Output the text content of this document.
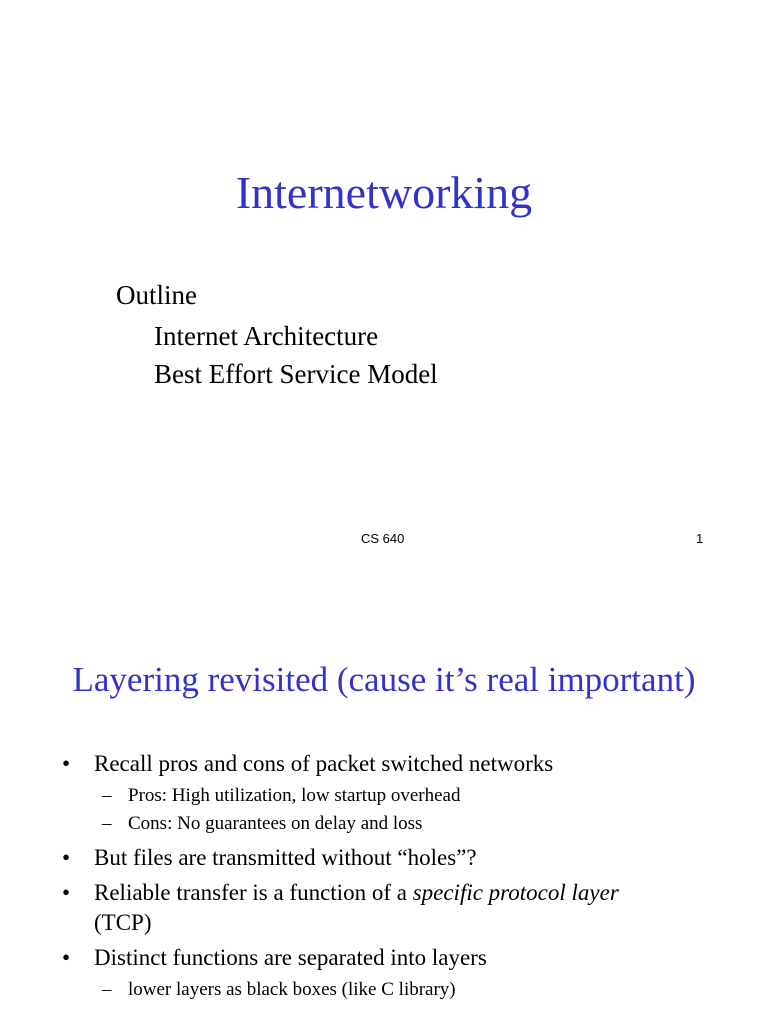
Internetworking
Outline
Internet Architecture
Best Effort Service Model
CS 640	1
Layering revisited (cause it’s real important)
• Recall pros and cons of packet switched networks
– Pros: High utilization, low startup overhead
– Cons: No guarantees on delay and loss
• But files are transmitted without “holes”?
• Reliable transfer is a function of a specific protocol layer
(TCP)
• Distinct functions are separated into layers
– lower layers as black boxes (like C library)
